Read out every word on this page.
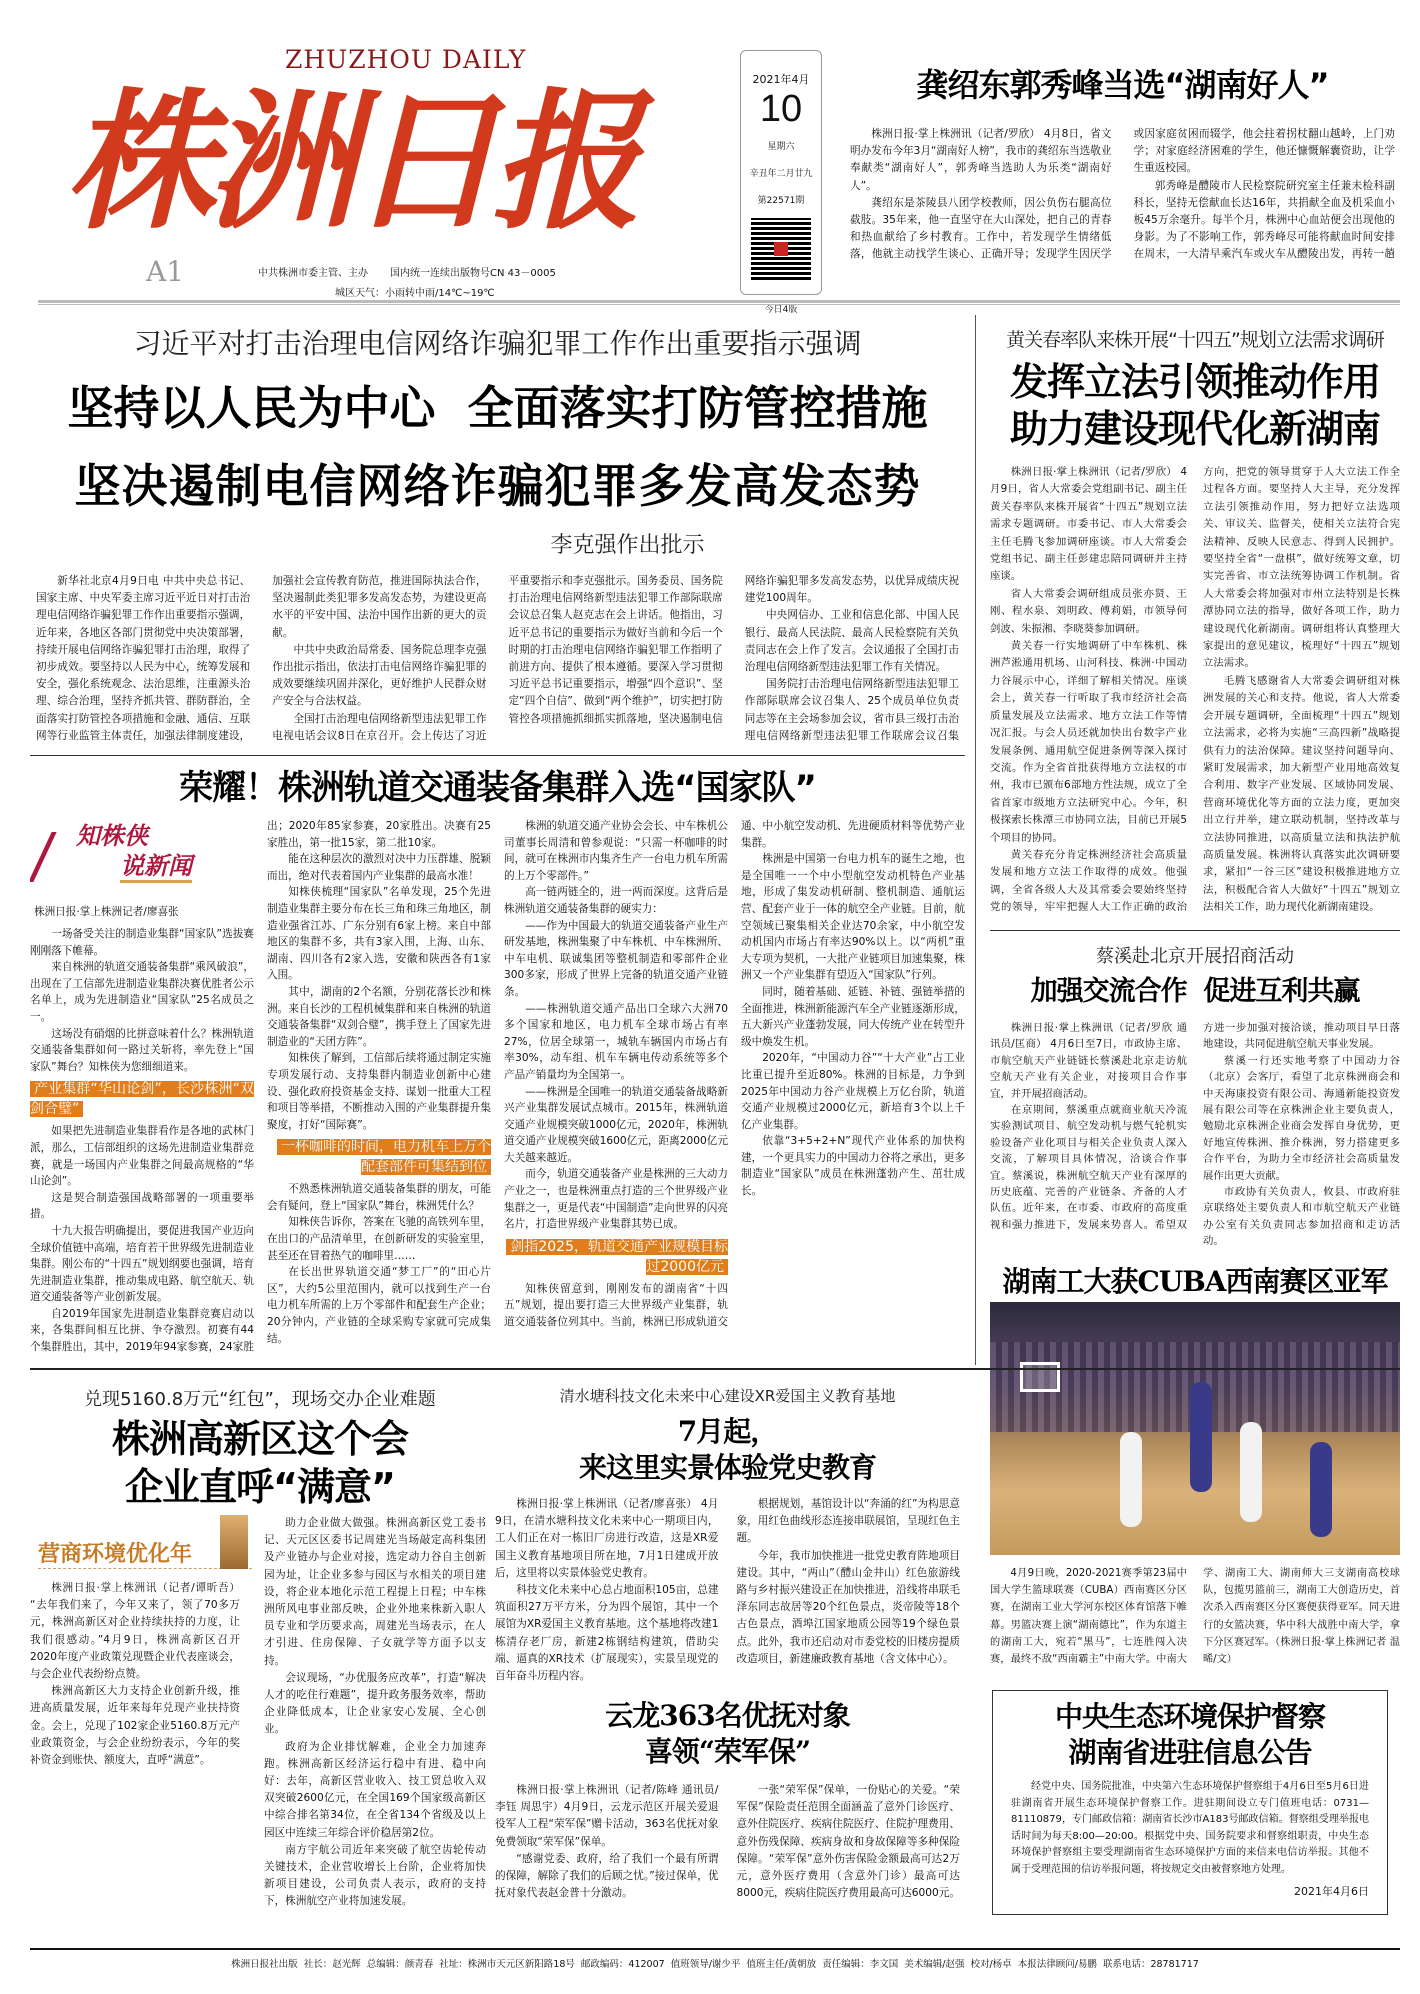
ZHUZHOU DAILY
株洲日报
A1	中共株洲市委主管、主办 国内统一连续出版物号CN 43－0005
城区天气：小雨转中雨/14℃~19℃
2021年4月
10
星期六
辛丑年二月廿九
第22571期
今日4版
龚绍东郭秀峰当选“湖南好人”

株洲日报·掌上株洲讯（记者/罗欣） 4月8日，省文明办发布今年3月“湖南好人榜”，我市的龚绍东当选敬业奉献类“湖南好人”，郭秀峰当选助人为乐类“湖南好人”。

龚绍东是茶陵县八团学校教师，因公负伤右腿高位截肢。35年来，他一直坚守在大山深处，把自己的青春和热血献给了乡村教育。工作中，若发现学生情绪低落，他就主动找学生谈心、正确开导；发现学生因厌学或因家庭贫困而辍学，他会拄着拐杖翻山越岭，上门劝学；对家庭经济困难的学生，他还慷慨解囊资助，让学生重返校园。

郭秀峰是醴陵市人民检察院研究室主任兼未检科副科长，坚持无偿献血长达16年，共捐献全血及机采血小板45万余毫升。每半个月，株洲中心血站便会出现他的身影。为了不影响工作，郭秀峰尽可能将献血时间安排在周末，一大清早乘汽车或火车从醴陵出发，再转一趟

习近平对打击治理电信网络诈骗犯罪工作作出重要指示强调
坚持以人民为中心  全面落实打防管控措施
坚决遏制电信网络诈骗犯罪多发高发态势
李克强作出批示

新华社北京4月9日电 中共中央总书记、国家主席、中央军委主席习近平近日对打击治理电信网络诈骗犯罪工作作出重要指示强调，近年来，各地区各部门贯彻党中央决策部署，持续开展电信网络诈骗犯罪打击治理，取得了初步成效。要坚持以人民为中心，统筹发展和安全，强化系统观念、法治思维，注重源头治理、综合治理，坚持齐抓共管、群防群治，全面落实打防管控各项措施和金融、通信、互联网等行业监管主体责任，加强法律制度建设，加强社会宣传教育防范，推进国际执法合作，坚决遏制此类犯罪多发高发态势，为建设更高水平的平安中国、法治中国作出新的更大的贡献。

中共中央政治局常委、国务院总理李克强作出批示指出，依法打击电信网络诈骗犯罪的成效要继续巩固并深化，更好维护人民群众财产安全与合法权益。

全国打击治理电信网络新型违法犯罪工作电视电话会议8日在京召开。会上传达了习近平重要指示和李克强批示。国务委员、国务院打击治理电信网络新型违法犯罪工作部际联席会议总召集人赵克志在会上讲话。他指出，习近平总书记的重要指示为做好当前和今后一个时期的打击治理电信网络诈骗犯罪工作指明了前进方向、提供了根本遵循。要深入学习贯彻习近平总书记重要指示，增强“四个意识”、坚定“四个自信”、做到“两个维护”，切实把打防管控各项措施抓细抓实抓落地，坚决遏制电信网络诈骗犯罪多发高发态势，以优异成绩庆祝建党100周年。

中央网信办、工业和信息化部、中国人民银行、最高人民法院、最高人民检察院有关负责同志在会上作了发言。会议通报了全国打击治理电信网络新型违法犯罪工作有关情况。

国务院打击治理电信网络新型违法犯罪工作部际联席会议召集人、25个成员单位负责同志等在主会场参加会议，省市县三级打击治理电信网络新型违法犯罪工作联席会议召集

黄关春率队来株开展“十四五”规划立法需求调研
发挥立法引领推动作用
助力建设现代化新湖南

株洲日报·掌上株洲讯（记者/罗欣） 4月9日，省人大常委会党组副书记、副主任黄关春率队来株开展省“十四五”规划立法需求专题调研。市委书记、市人大常委会主任毛腾飞参加调研座谈。市人大常委会党组书记、副主任彭建忠陪同调研并主持座谈。

省人大常委会调研组成员张亦贤、王刚、程水泉、刘明政、傅莉娟，市领导何剑波、朱振湘、李晓葵参加调研。

黄关春一行实地调研了中车株机、株洲芦淞通用机场、山河科技、株洲·中国动力谷展示中心，详细了解相关情况。座谈会上，黄关春一行听取了我市经济社会高质量发展及立法需求、地方立法工作等情况汇报。与会人员还就加快出台数字产业发展条例、通用航空促进条例等深入探讨交流。作为全省首批获得地方立法权的市州，我市已颁布6部地方性法规，成立了全省首家市级地方立法研究中心。今年，积极探索长株潭三市协同立法，目前已开展5个项目的协同。

黄关春充分肯定株洲经济社会高质量发展和地方立法工作取得的成效。他强调，全省各级人大及其常委会要始终坚持党的领导，牢牢把握人大工作正确的政治方向，把党的领导贯穿于人大立法工作全过程各方面。要坚持人大主导，充分发挥立法引领推动作用，努力把好立法选项关、审议关、监督关，使相关立法符合宪法精神、反映人民意志、得到人民拥护。要坚持全省“一盘棋”，做好统筹文章，切实完善省、市立法统筹协调工作机制。省人大常委会将加强对市州立法特别是长株潭协同立法的指导，做好各项工作，助力建设现代化新湖南。调研组将认真整理大家提出的意见建议，梳理好“十四五”规划立法需求。

毛腾飞感谢省人大常委会调研组对株洲发展的关心和支持。他说，省人大常委会开展专题调研，全面梳理“十四五”规划立法需求，必将为实施“三高四新”战略提供有力的法治保障。建议坚持问题导向、紧盯发展需求，加大新型产业用地高效复合利用、数字产业发展、区域协同发展、营商环境优化等方面的立法力度，更加突出立行并举，建立联动机制，坚持改革与立法协同推进，以高质量立法和执法护航高质量发展。株洲将认真落实此次调研要求，紧扣“一谷三区”建设积极推进地方立法，积极配合省人大做好“十四五”规划立法相关工作，助力现代化新湖南建设。

荣耀！株洲轨道交通装备集群入选“国家队”
知株侠
说新闻
株洲日报·掌上株洲记者/廖喜张

一场备受关注的制造业集群“国家队”选拔赛刚刚落下帷幕。

来自株洲的轨道交通装备集群“乘风破浪”，出现在了工信部先进制造业集群决赛优胜者公示名单上，成为先进制造业“国家队”25名成员之一。

这场没有硝烟的比拼意味着什么？株洲轨道交通装备集群如何一路过关斩将，率先登上“国家队”舞台？知株侠为您细细道来。

产业集群“华山论剑”，长沙株洲“双剑合璧”

如果把先进制造业集群看作是各地的武林门派，那么，工信部组织的这场先进制造业集群竞赛，就是一场国内产业集群之间最高规格的“华山论剑”。

这是契合制造强国战略部署的一项重要举措。

十九大报告明确提出，要促进我国产业迈向全球价值链中高端，培育若干世界级先进制造业集群。刚公布的“十四五”规划纲要也强调，培育先进制造业集群，推动集成电路、航空航天、轨道交通装备等产业创新发展。

自2019年国家先进制造业集群竞赛启动以来，各集群间相互比拼、争夺激烈。初赛有44个集群胜出，其中，2019年94家参赛，24家胜出；2020年85家参赛，20家胜出。决赛有25家胜出，第一批15家，第二批10家。

能在这种层次的激烈对决中力压群雄、脱颖而出，绝对代表着国内产业集群的最高水准！

知株侠梳理“国家队”名单发现，25个先进制造业集群主要分布在长三角和珠三角地区，制造业强省江苏、广东分别有6家上榜。来自中部地区的集群不多，共有3家入围，上海、山东、湖南、四川各有2家入选，安徽和陕西各有1家入围。

其中，湖南的2个名额，分别花落长沙和株洲。来自长沙的工程机械集群和来自株洲的轨道交通装备集群“双剑合璧”，携手登上了国家先进制造业的“天团方阵”。

知株侠了解到，工信部后续将通过制定实施专项发展行动、支持集群内制造业创新中心建设、强化政府投资基金支持、谋划一批重大工程和项目等举措，不断推动入围的产业集群提升集聚度，打好“国际赛”。

一杯咖啡的时间，电力机车上万个配套部件可集结到位

不熟悉株洲轨道交通装备集群的朋友，可能会有疑问，登上“国家队”舞台，株洲凭什么？

知株侠告诉你，答案在飞驰的高铁列车里，在出口的产品清单里，在创新研发的实验室里，甚至还在冒着热气的咖啡里……

在长出世界轨道交通“梦工厂”的“田心片区”，大约5公里范围内，就可以找到生产一台电力机车所需的上万个零部件和配套生产企业；20分钟内，产业链的全球采购专家就可完成集结。

株洲的轨道交通产业协会会长、中车株机公司董事长周清和曾参观说：“只需一杯咖啡的时间，就可在株洲市内集齐生产一台电力机车所需的上万个零部件。”

高一链两链全的，进一两而深度。这背后是株洲轨道交通装备集群的硬实力：

——作为中国最大的轨道交通装备产业生产研发基地，株洲集聚了中车株机、中车株洲所、中车电机、联诚集团等整机制造和零部件企业300多家，形成了世界上完备的轨道交通产业链条。

——株洲轨道交通产品出口全球六大洲70多个国家和地区，电力机车全球市场占有率27%，位居全球第一，城轨车辆国内市场占有率30%，动车组、机车车辆电传动系统等多个产品产销量均为全国第一。

——株洲是全国唯一的轨道交通装备战略新兴产业集群发展试点城市。2015年，株洲轨道交通产业规模突破1000亿元，2020年，株洲轨道交通产业规模突破1600亿元，距离2000亿元大关越来越近。

而今，轨道交通装备产业是株洲的三大动力产业之一，也是株洲重点打造的三个世界级产业集群之一，更是代表“中国制造”走向世界的闪亮名片，打造世界级产业集群其势已成。

剑指2025，轨道交通产业规模目标过2000亿元

知株侠留意到，刚刚发布的湖南省“十四五”规划，提出要打造三大世界级产业集群，轨道交通装备位列其中。当前，株洲已形成轨道交通、中小航空发动机、先进硬质材料等优势产业集群。

株洲是中国第一台电力机车的诞生之地，也是全国唯一一个中小型航空发动机特色产业基地，形成了集发动机研制、整机制造、通航运营、配套产业于一体的航空全产业链。目前，航空领域已聚集相关企业达70余家，中小航空发动机国内市场占有率达90%以上。以“两机”重大专项为契机，一大批产业链项目加速集聚，株洲又一个产业集群有望迈入“国家队”行列。

同时，随着基础、延链、补链、强链举措的全面推进，株洲新能源汽车全产业链逐渐形成，五大新兴产业蓬勃发展，同大传统产业在转型升级中焕发生机。

2020年，“中国动力谷”“十大产业”占工业比重已提升至近80%。株洲的目标是，力争到2025年中国动力谷产业规模上万亿台阶，轨道交通产业规模过2000亿元，新培育3个以上千亿产业集群。

依靠“3+5+2+N”现代产业体系的加快构建，一个更具实力的中国动力谷将之承出，更多制造业“国家队”成员在株洲蓬勃产生、茁壮成长。

蔡溪赴北京开展招商活动
加强交流合作  促进互利共赢

株洲日报·掌上株洲讯（记者/罗欣 通讯员/匡商） 4月6日至7日，市政协主席、市航空航天产业链链长蔡溪赴北京走访航空航天产业有关企业，对接项目合作事宜，并开展招商活动。

在京期间，蔡溪重点就商业航天冷流实验测试项目、航空发动机与燃气轮机实验设备产业化项目与相关企业负责人深入交流，了解项目具体情况，洽谈合作事宜。蔡溪说，株洲航空航天产业有深厚的历史底蕴、完善的产业链条、齐备的人才队伍。近年来，在市委、市政府的高度重视和强力推进下，发展来势喜人。希望双方进一步加强对接洽谈，推动项目早日落地建设，共同促进航空航天事业发展。

蔡溪一行还实地考察了中国动力谷（北京）会客厅，看望了北京株洲商会和中天海康投资有限公司、海通新能投资发展有限公司等在京株洲企业主要负责人，勉励北京株洲企业商会发挥自身优势，更好地宣传株洲、推介株洲，努力搭建更多合作平台，为助力全市经济社会高质量发展作出更大贡献。

市政协有关负责人，攸县、市政府驻京联络处主要负责人和市航空航天产业链办公室有关负责同志参加招商和走访活动。

湖南工大获CUBA西南赛区亚军
4月9日晚，2020-2021赛季第23届中国大学生篮球联赛（CUBA）西南赛区分区赛，在湖南工业大学河东校区体育馆落下帷幕。男篮决赛上演“湖南德比”，作为东道主的湖南工大，宛若“黑马”，七连胜闯入决赛，最终不敌“西南霸主”中南大学。中南大学、湖南工大、湖南师大三支湖南高校球队，包揽男篮前三，湖南工大创造历史，首次杀入西南赛区分区赛便获得亚军。同天进行的女篮决赛，华中科大战胜中南大学，拿下分区赛冠军。（株洲日报·掌上株洲记者 温晞/文）
中央生态环境保护督察
湖南省进驻信息公告

经党中央、国务院批准，中央第六生态环境保护督察组于4月6日至5月6日进驻湖南省开展生态环境保护督察工作。进驻期间设立专门值班电话：0731—81110879，专门邮政信箱：湖南省长沙市A183号邮政信箱。督察组受理举报电话时间为每天8:00—20:00。根据党中央、国务院要求和督察组职责，中央生态环境保护督察组主要受理湖南省生态环境保护方面的来信来电信访举报。其他不属于受理范围的信访举报问题，将按规定交由被督察地方处理。

2021年4月6日
兑现5160.8万元“红包”，现场交办企业难题
株洲高新区这个会
企业直呼“满意”
营商环境优化年

株洲日报·掌上株洲讯（记者/谭昕吾） “去年我们来了，今年又来了，领了70多万元，株洲高新区对企业持续扶持的力度，让我们很感动。”4月9日，株洲高新区召开2020年度产业政策兑现暨企业代表座谈会，与会企业代表纷纷点赞。

株洲高新区大力支持企业创新升级，推进高质量发展，近年来每年兑现产业扶持资金。会上，兑现了102家企业5160.8万元产业政策资金，与会企业纷纷表示，今年的奖补资金到账快、额度大，直呼“满意”。

助力企业做大做强。株洲高新区党工委书记、天元区区委书记周建光当场敲定高科集团及产业链办与企业对接，选定动力谷自主创新园为址，让企业多参与园区与水相关的项目建设，将企业本地化示范工程提上日程；中车株洲所风电事业部反映，企业外地来株新入职人员专业和学历要求高，周建光当场表示，在人才引进、住房保障、子女就学等方面予以支持。

会议现场，“办优服务应改革”，打造“解决人才的吃住行难题”，提升政务服务效率，帮助企业降低成本，让企业家安心发展、全心创业。

政府为企业排忧解难，企业全力加速奔跑。株洲高新区经济运行稳中有进、稳中向好：去年，高新区营业收入、技工贸总收入双双突破2600亿元，在全国169个国家级高新区中综合排名第34位，在全省134个省级及以上园区中连续三年综合评价稳居第2位。

南方宇航公司近年来突破了航空齿轮传动关键技术，企业营收增长上台阶，企业将加快新项目建设，公司负责人表示，政府的支持下，株洲航空产业将加速发展。

清水塘科技文化未来中心建设XR爱国主义教育基地
7月起，
来这里实景体验党史教育

株洲日报·掌上株洲讯（记者/廖喜张） 4月9日，在清水塘科技文化未来中心一期项目内，工人们正在对一栋旧厂房进行改造，这是XR爱国主义教育基地项目所在地，7月1日建成开放后，这里将以实景体验党史教育。

科技文化未来中心总占地面积105亩，总建筑面积27万平方米，分为四个展馆，其中一个展馆为XR爱国主义教育基地。这个基地将改建1栋清存老厂房，新建2栋钢结构建筑，借助尖端、逼真的XR技术（扩展现实），实景呈现党的百年奋斗历程内容。

根据规划，基馆设计以“奔涌的红”为构思意象，用红色曲线形态连接串联展馆，呈现红色主题。

今年，我市加快推进一批党史教育阵地项目建设。其中，“两山”（醴山金井山）红色旅游线路与乡村振兴建设正在加快推进，沿线将串联毛泽东同志故居等20个红色景点，炎帝陵等18个古色景点，酒埠江国家地质公园等19个绿色景点。此外，我市还启动对市委党校的旧楼房提质改造项目，新建廉政教育基地（含文体中心）。

云龙363名优抚对象
喜领“荣军保”

株洲日报·掌上株洲讯（记者/陈峰 通讯员/李钰 周思宇）4月9日，云龙示范区开展关爱退役军人工程“荣军保”赠卡活动，363名优抚对象免费领取“荣军保”保单。

“感谢党委、政府，给了我们一个最有所谓的保障，解除了我们的后顾之忧。”接过保单，优抚对象代表赵金普十分激动。

一张“荣军保”保单，一份贴心的关爱。“荣军保”保险责任范围全面涵盖了意外门诊医疗、意外住院医疗、疾病住院医疗、住院护理费用、意外伤残保障、疾病身故和身故保障等多种保险保障。“荣军保”意外伤害保险金额最高可达2万元，意外医疗费用（含意外门诊）最高可达8000元，疾病住院医疗费用最高可达6000元。

株洲日报社出版  社长：赵光辉  总编辑：颜青春  社址：株洲市天元区新阳路18号  邮政编码：412007  值班领导/谢少平  值班主任/黄朝放  责任编辑：李文国  美术编辑/赵强  校对/杨卓  本报法律顾问/易鹏  联系电话：28781717
